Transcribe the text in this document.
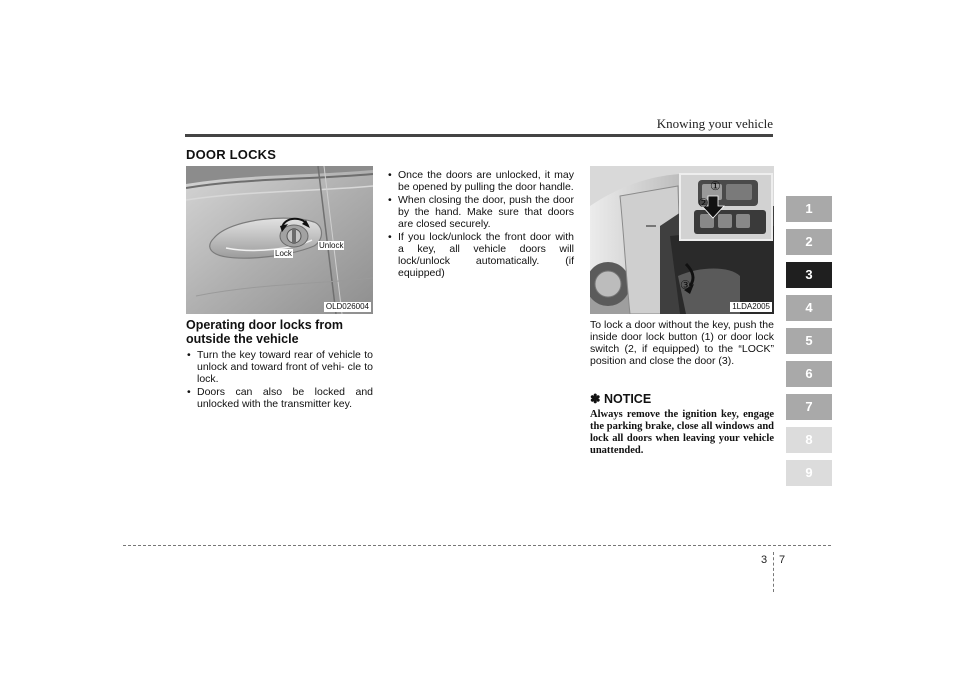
Knowing your vehicle
DOOR LOCKS
Lock
Unlock
OLD026004
Operating door locks from outside the vehicle
• Turn the key toward rear of vehicle to unlock and toward front of vehi- cle to lock.
• Doors can also be locked and unlocked with the transmitter key.
• Once the doors are unlocked, it may be opened by pulling the door handle.
• When closing the door, push the door by the hand. Make sure that doors are closed securely.
• If you lock/unlock the front door with a key, all vehicle doors will lock/unlock automatically. (if equipped)
①
②
③
1LDA2005
To lock a door without the key, push the inside door lock button (1) or door lock switch (2, if equipped) to the “LOCK” position and close the door (3).
✽ NOTICE
Always remove the ignition key, engage the parking brake, close all windows and lock all doors when leaving your vehicle unattended.
1
2
3
4
5
6
7
8
9
3 7
